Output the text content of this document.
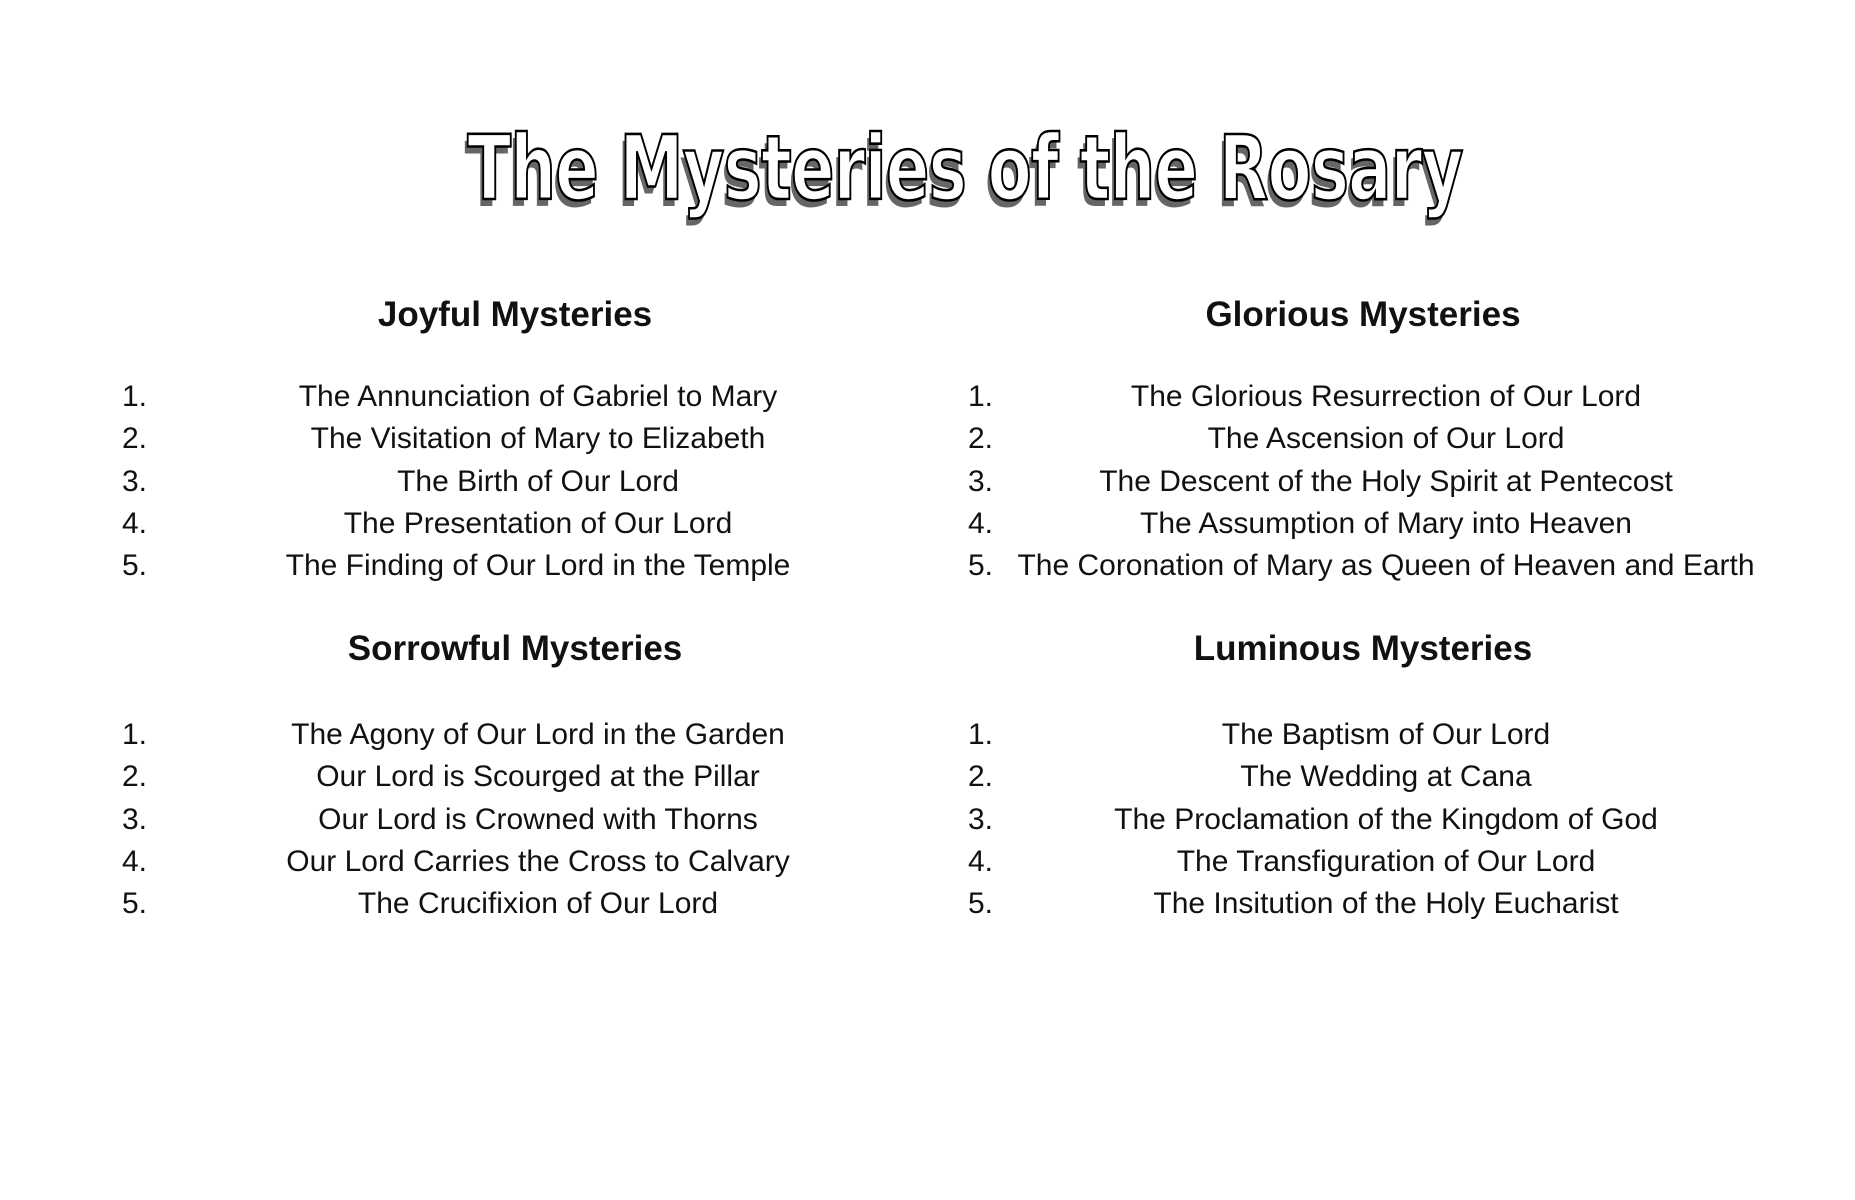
The Mysteries of the Rosary
Joyful Mysteries
1.	The Annunciation of Gabriel to Mary
2.	The Visitation of Mary to Elizabeth
3.	The Birth of Our Lord
4.	The Presentation of Our Lord
5.	The Finding of Our Lord in the Temple
Sorrowful Mysteries
1.	The Agony of Our Lord in the Garden
2.	Our Lord is Scourged at the Pillar
3.	Our Lord is Crowned with Thorns
4.	Our Lord Carries the Cross to Calvary
5.	The Crucifixion of Our Lord
Glorious Mysteries
1.	The Glorious Resurrection of Our Lord
2.	The Ascension of Our Lord
3.	The Descent of the Holy Spirit at Pentecost
4.	The Assumption of Mary into Heaven
5. The Coronation of Mary as Queen of Heaven and Earth
Luminous Mysteries
1.	The Baptism of Our Lord
2.	The Wedding at Cana
3.	The Proclamation of the Kingdom of God
4.	The Transfiguration of Our Lord
5.	The Insitution of the Holy Eucharist
